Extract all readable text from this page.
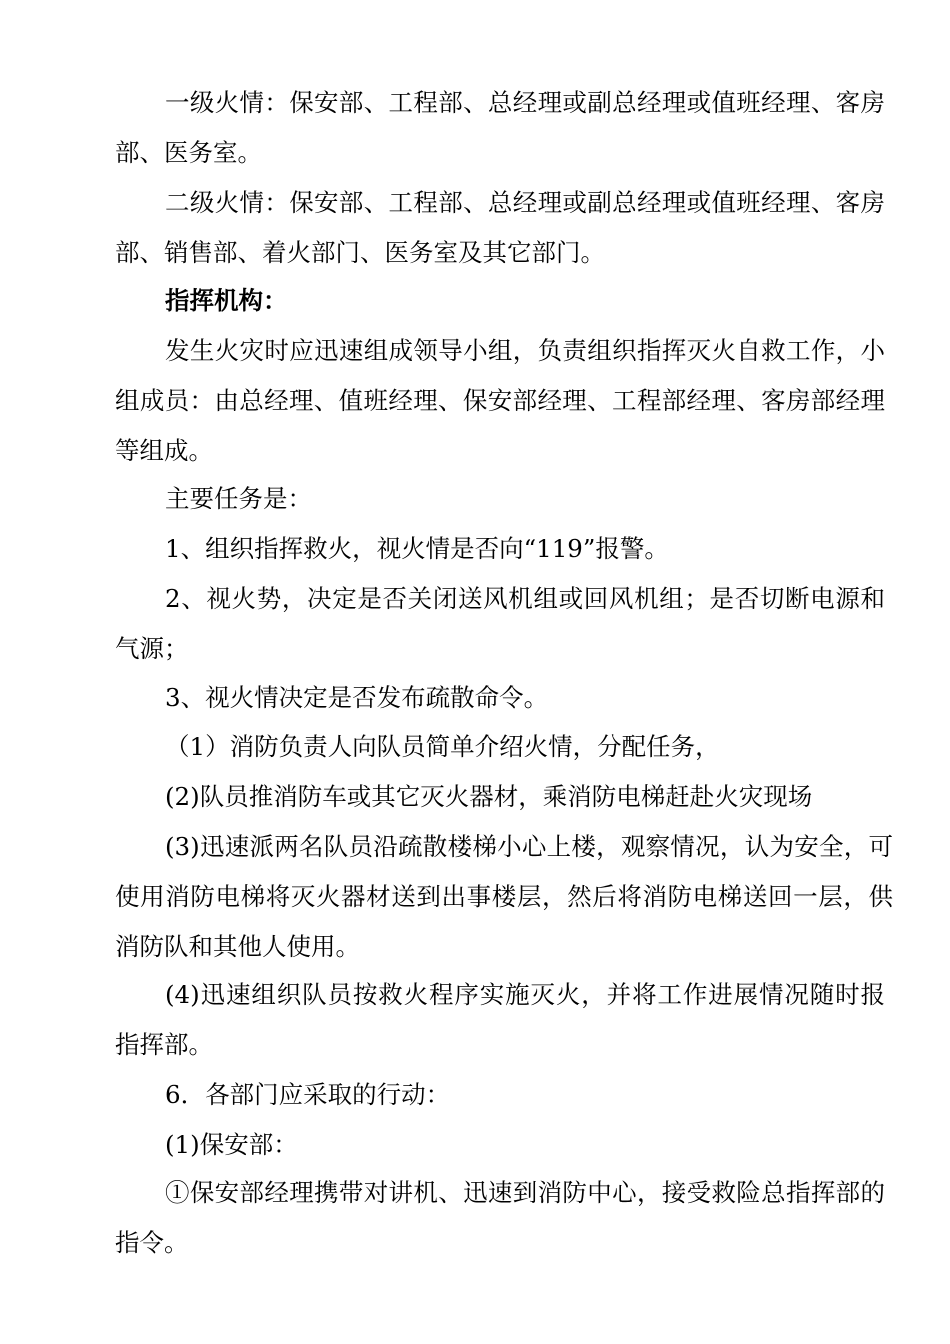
一级火情：保安部、工程部、总经理或副总经理或值班经理、客房部、医务室。

二级火情：保安部、工程部、总经理或副总经理或值班经理、客房部、销售部、着火部门、医务室及其它部门。

指挥机构：

发生火灾时应迅速组成领导小组，负责组织指挥灭火自救工作，小组成员：由总经理、值班经理、保安部经理、工程部经理、客房部经理等组成。

主要任务是：

1、组织指挥救火，视火情是否向“119”报警。

2、视火势，决定是否关闭送风机组或回风机组；是否切断电源和气源；

3、视火情决定是否发布疏散命令。

（1）消防负责人向队员简单介绍火情，分配任务，

(2)队员推消防车或其它灭火器材，乘消防电梯赶赴火灾现场

(3)迅速派两名队员沿疏散楼梯小心上楼，观察情况，认为安全，可使用消防电梯将灭火器材送到出事楼层，然后将消防电梯送回一层，供消防队和其他人使用。

(4)迅速组织队员按救火程序实施灭火，并将工作进展情况随时报指挥部。

6．各部门应采取的行动：

(1)保安部：

①保安部经理携带对讲机、迅速到消防中心，接受救险总指挥部的指令。
